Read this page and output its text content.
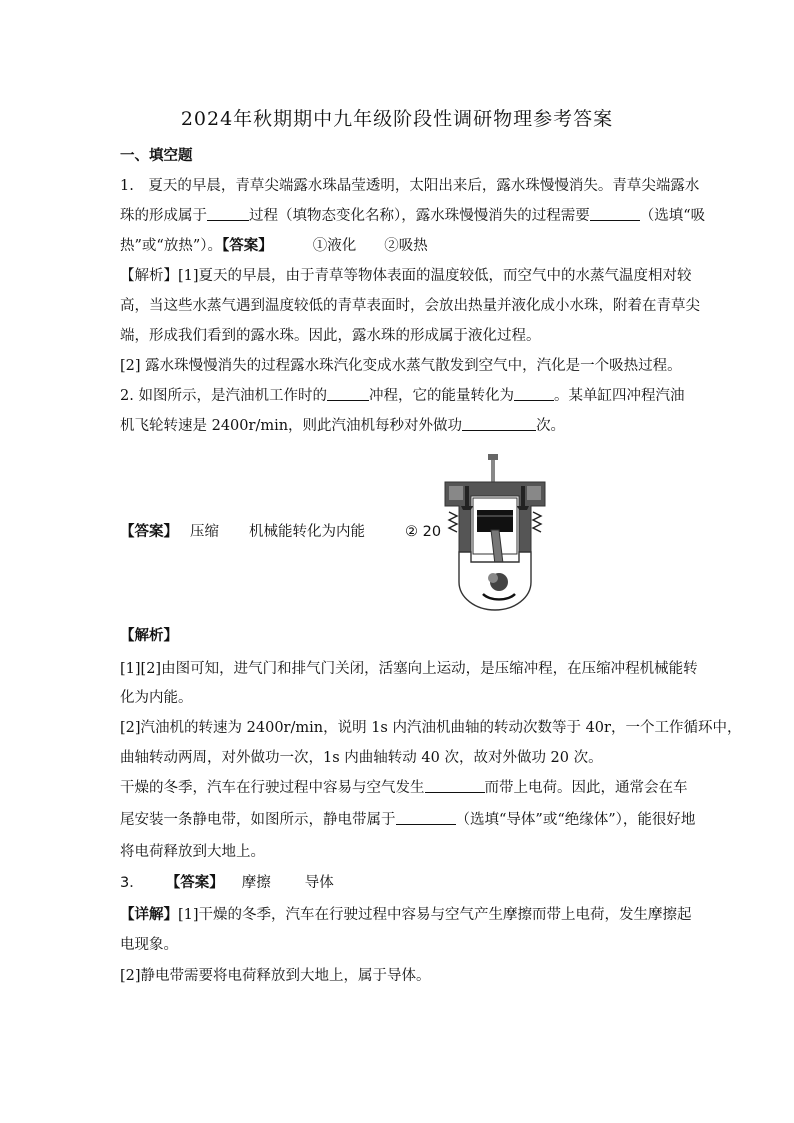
2024年秋期期中九年级阶段性调研物理参考答案
一、填空题
1.　夏天的早晨，青草尖端露水珠晶莹透明，太阳出来后，露水珠慢慢消失。青草尖端露水
珠的形成属于	过程（填物态变化名称），露水珠慢慢消失的过程需要	（选填“吸
热”或“放热”）。【答案】	①液化 ②吸热
【解析】[1]夏天的早晨，由于青草等物体表面的温度较低，而空气中的水蒸气温度相对较
高，当这些水蒸气遇到温度较低的青草表面时，会放出热量并液化成小水珠，附着在青草尖
端，形成我们看到的露水珠。因此，露水珠的形成属于液化过程。
[2] 露水珠慢慢消失的过程露水珠汽化变成水蒸气散发到空气中，汽化是一个吸热过程。
2. 如图所示，是汽油机工作时的	冲程，它的能量转化为	。某单缸四冲程汽油
机飞轮转速是 2400r/min，则此汽油机每秒对外做功	次。
【答案】 压缩 机械能转化为内能	② 20
【解析】
[1][2]由图可知，进气门和排气门关闭，活塞向上运动，是压缩冲程，在压缩冲程机械能转
化为内能。
[2]汽油机的转速为 2400r/min，说明 1s 内汽油机曲轴的转动次数等于 40r，一个工作循环中，
曲轴转动两周，对外做功一次，1s 内曲轴转动 40 次，故对外做功 20 次。
干燥的冬季，汽车在行驶过程中容易与空气发生	而带上电荷。因此，通常会在车
尾安装一条静电带，如图所示，静电带属于	（选填“导体”或“绝缘体”），能很好地
将电荷释放到大地上。
3． 【答案】 摩擦 导体
【详解】[1]干燥的冬季，汽车在行驶过程中容易与空气产生摩擦而带上电荷，发生摩擦起
电现象。
[2]静电带需要将电荷释放到大地上，属于导体。
